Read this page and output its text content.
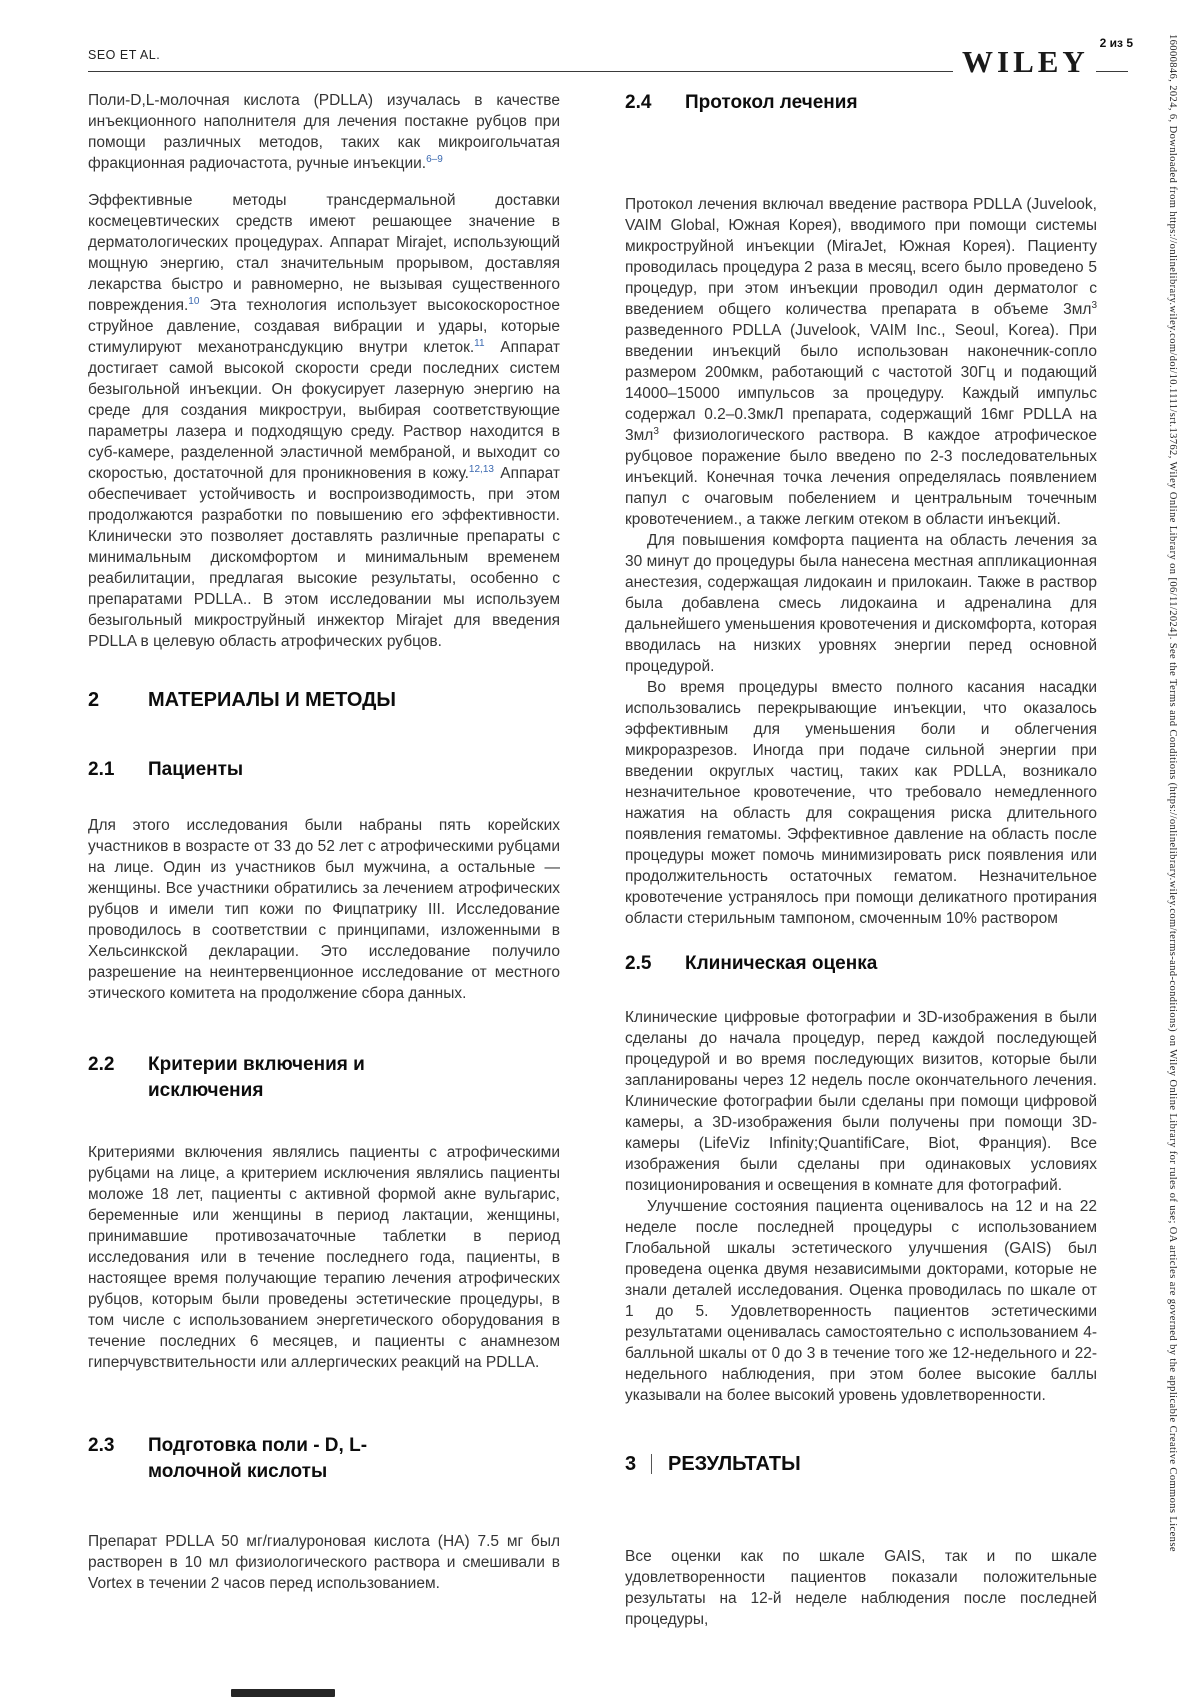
SEO ET AL.	WILEY
2 из 5	16000846, 2024, 6, Downloaded from https://onlinelibrary.wiley.com/doi/10.1111/srt.13762, Wiley Online Library on [06/11/2024]. See the Terms and Conditions (https://onlinelibrary.wiley.com/terms-and-conditions) on Wiley Online Library for rules of use; OA articles are governed by the applicable Creative Commons License

Поли-D,L-молочная кислота (PDLLA) изучалась в качестве инъекционного наполнителя для лечения постакне рубцов при помощи различных методов, таких как микроигольчатая фракционная радиочастота, ручные инъекции.$^{6-9}$

Эффективные методы трансдермальной доставки космецевтических средств имеют решающее значение в дерматологических процедурах. Аппарат Mirajet, использующий мощную энергию, стал значительным прорывом, доставляя лекарства быстро и равномерно, не вызывая существенного повреждения.$^{10}$ Эта технология использует высокоскоростное струйное давление, создавая вибрации и удары, которые стимулируют механотрансдукцию внутри клеток.$^{11}$ Аппарат достигает самой высокой скорости среди последних систем безыгольной инъекции. Он фокусирует лазерную энергию на среде для создания микроструи, выбирая соответствующие параметры лазера и подходящую среду. Раствор находится в суб-камере, разделенной эластичной мембраной, и выходит со скоростью, достаточной для проникновения в кожу.$^{12,13}$ Аппарат обеспечивает устойчивость и воспроизводимость, при этом продолжаются разработки по повышению его эффективности. Клинически это позволяет доставлять различные препараты с минимальным дискомфортом и минимальным временем реабилитации, предлагая высокие результаты, особенно с препаратами PDLLA.. В этом исследовании мы используем безыгольный микроструйный инжектор Mirajet для введения PDLLA в целевую область атрофических рубцов.

2	МАТЕРИАЛЫ И МЕТОДЫ
2.1	Пациенты

Для этого исследования были набраны пять корейских участников в возрасте от 33 до 52 лет с атрофическими рубцами на лице. Один из участников был мужчина, а остальные — женщины. Все участники обратились за лечением атрофических рубцов и имели тип кожи по Фицпатрику III. Исследование проводилось в соответствии с принципами, изложенными в Хельсинкской декларации. Это исследование получило разрешение на неинтервенционное исследование от местного этического комитета на продолжение сбора данных.

2.2	Критерии включения и исключения

Критериями включения являлись пациенты с атрофическими рубцами на лице, а критерием исключения являлись пациенты моложе 18 лет, пациенты с активной формой акне вульгарис, беременные или женщины в период лактации, женщины, принимавшие противозачаточные таблетки в период исследования или в течение последнего года, пациенты, в настоящее время получающие терапию лечения атрофических рубцов, которым были проведены эстетические процедуры, в том числе с использованием энергетического оборудования в течение последних 6 месяцев, и пациенты с анамнезом гиперчувствительности или аллергических реакций на PDLLA.

2.3	Подготовка поли - D, L-молочной кислоты

Препарат PDLLA 50 мг/гиалуроновая кислота (HA) 7.5 мг был растворен в 10 мл физиологического раствора и смешивали в Vortex в течении 2 часов перед использованием.

2.4	Протокол лечения

Протокол лечения включал введение раствора PDLLA (Juvelook, VAIM Global, Южная Корея), вводимого при помощи системы микроструйной инъекции (MiraJet, Южная Корея). Пациенту проводилась процедура 2 раза в месяц, всего было проведено 5 процедур, при этом инъекции проводил один дерматолог с введением общего количества препарата в объеме $3мл^3$ разведенного PDLLA (Juvelook, VAIM Inc., Seoul, Korea). При введении инъекций было использован наконечник-сопло размером 200мкм, работающий с частотой 30Гц и подающий 14000–15000 импульсов за процедуру. Каждый импульс содержал 0.2–0.3мкЛ препарата, содержащий 16мг PDLLA на $3мл^3$ физиологического раствора. В каждое атрофическое рубцовое поражение было введено по 2-3 последовательных инъекций. Конечная точка лечения определялась появлением папул с очаговым побелением и центральным точечным кровотечением., а также легким отеком в области инъекций.

Для повышения комфорта пациента на область лечения за 30 минут до процедуры была нанесена местная аппликационная анестезия, содержащая лидокаин и прилокаин. Также в раствор была добавлена смесь лидокаина и адреналина для дальнейшего уменьшения кровотечения и дискомфорта, которая вводилась на низких уровнях энергии перед основной процедурой.

Во время процедуры вместо полного касания насадки использовались перекрывающие инъекции, что оказалось эффективным для уменьшения боли и облегчения микроразрезов. Иногда при подаче сильной энергии при введении округлых частиц, таких как PDLLA, возникало незначительное кровотечение, что требовало немедленного нажатия на область для сокращения риска длительного появления гематомы. Эффективное давление на область после процедуры может помочь минимизировать риск появления или продолжительность остаточных гематом. Незначительное кровотечение устранялось при помощи деликатного протирания области стерильным тампоном, смоченным 10% раствором

2.5	Клиническая оценка

Клинические цифровые фотографии и 3D-изображения в были сделаны до начала процедур, перед каждой последующей процедурой и во время последующих визитов, которые были запланированы через 12 недель после окончательного лечения. Клинические фотографии были сделаны при помощи цифровой камеры, а 3D-изображения были получены при помощи 3D-камеры (LifeViz Infinity;QuantifiCare, Biot, Франция). Все изображения были сделаны при одинаковых условиях позиционирования и освещения в комнате для фотографий.

Улучшение состояния пациента оценивалось на 12 и на 22 неделе после последней процедуры с использованием Глобальной шкалы эстетического улучшения (GAIS) был проведена оценка двумя независимыми докторами, которые не знали деталей исследования. Оценка проводилась по шкале от 1 до 5. Удовлетворенность пациентов эстетическими результатами оценивалась самостоятельно с использованием 4-балльной шкалы от 0 до 3 в течение того же 12-недельного и 22-недельного наблюдения, при этом более высокие баллы указывали на более высокий уровень удовлетворенности.

3	РЕЗУЛЬТАТЫ

Все оценки как по шкале GAIS, так и по шкале удовлетворенности пациентов показали положительные результаты на 12-й неделе наблюдения после последней процедуры,
